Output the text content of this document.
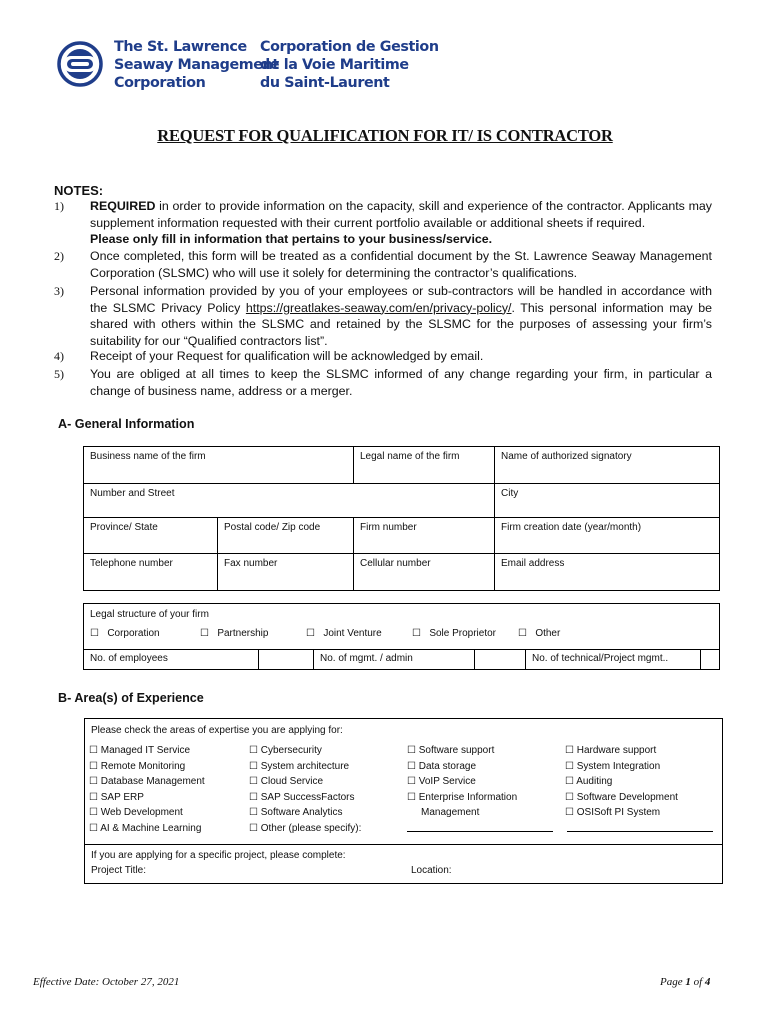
The St. Lawrence
Seaway Management
Corporation
Corporation de Gestion
de la Voie Maritime
du Saint-Laurent
REQUEST FOR QUALIFICATION FOR IT/ IS CONTRACTOR
NOTES:
1) REQUIRED in order to provide information on the capacity, skill and experience of the contractor. Applicants may supplement information requested with their current portfolio available or additional sheets if required.
Please only fill in information that pertains to your business/service.
2) Once completed, this form will be treated as a confidential document by the St. Lawrence Seaway Management Corporation (SLSMC) who will use it solely for determining the contractor’s qualifications.
3) Personal information provided by you of your employees or sub-contractors will be handled in accordance with the SLSMC Privacy Policy https://greatlakes-seaway.com/en/privacy-policy/. This personal information may be shared with others within the SLSMC and retained by the SLSMC for the purposes of assessing your firm’s suitability for our “Qualified contractors list”.
4) Receipt of your Request for qualification will be acknowledged by email.
5) You are obliged at all times to keep the SLSMC informed of any change regarding your firm, in particular a change of business name, address or a merger.
A- General Information
Business name of the firm		Legal name of the firm	Name of authorized signatory
Number and Street			City
Province/ State	Postal code/ Zip code	Firm number	Firm creation date (year/month)
Telephone number	Fax number	Cellular number	Email address
Legal structure of your firm
☐ Corporation	☐ Partnership	☐ Joint Venture	☐ Sole Proprietor ☐ Other

No. of employees		No. of mgmt. / admin		No. of technical/Project mgmt..	
B- Area(s) of Experience
Please check the areas of expertise you are applying for:
☐ Managed IT Service
☐ Remote Monitoring
☐ Database Management
☐ SAP ERP
☐ Web Development
☐ AI & Machine Learning
☐ Cybersecurity
☐ System architecture
☐ Cloud Service
☐ SAP SuccessFactors
☐ Software Analytics
☐ Other (please specify):
☐ Software support
☐ Data storage
☐ VoIP Service
☐ Enterprise Information
Management
☐ Hardware support
☐ System Integration
☐ Auditing
☐ Software Development
☐ OSISoft PI System
If you are applying for a specific project, please complete:
Project Title:	Location:
Effective Date: October 27, 2021	Page 1 of 4
